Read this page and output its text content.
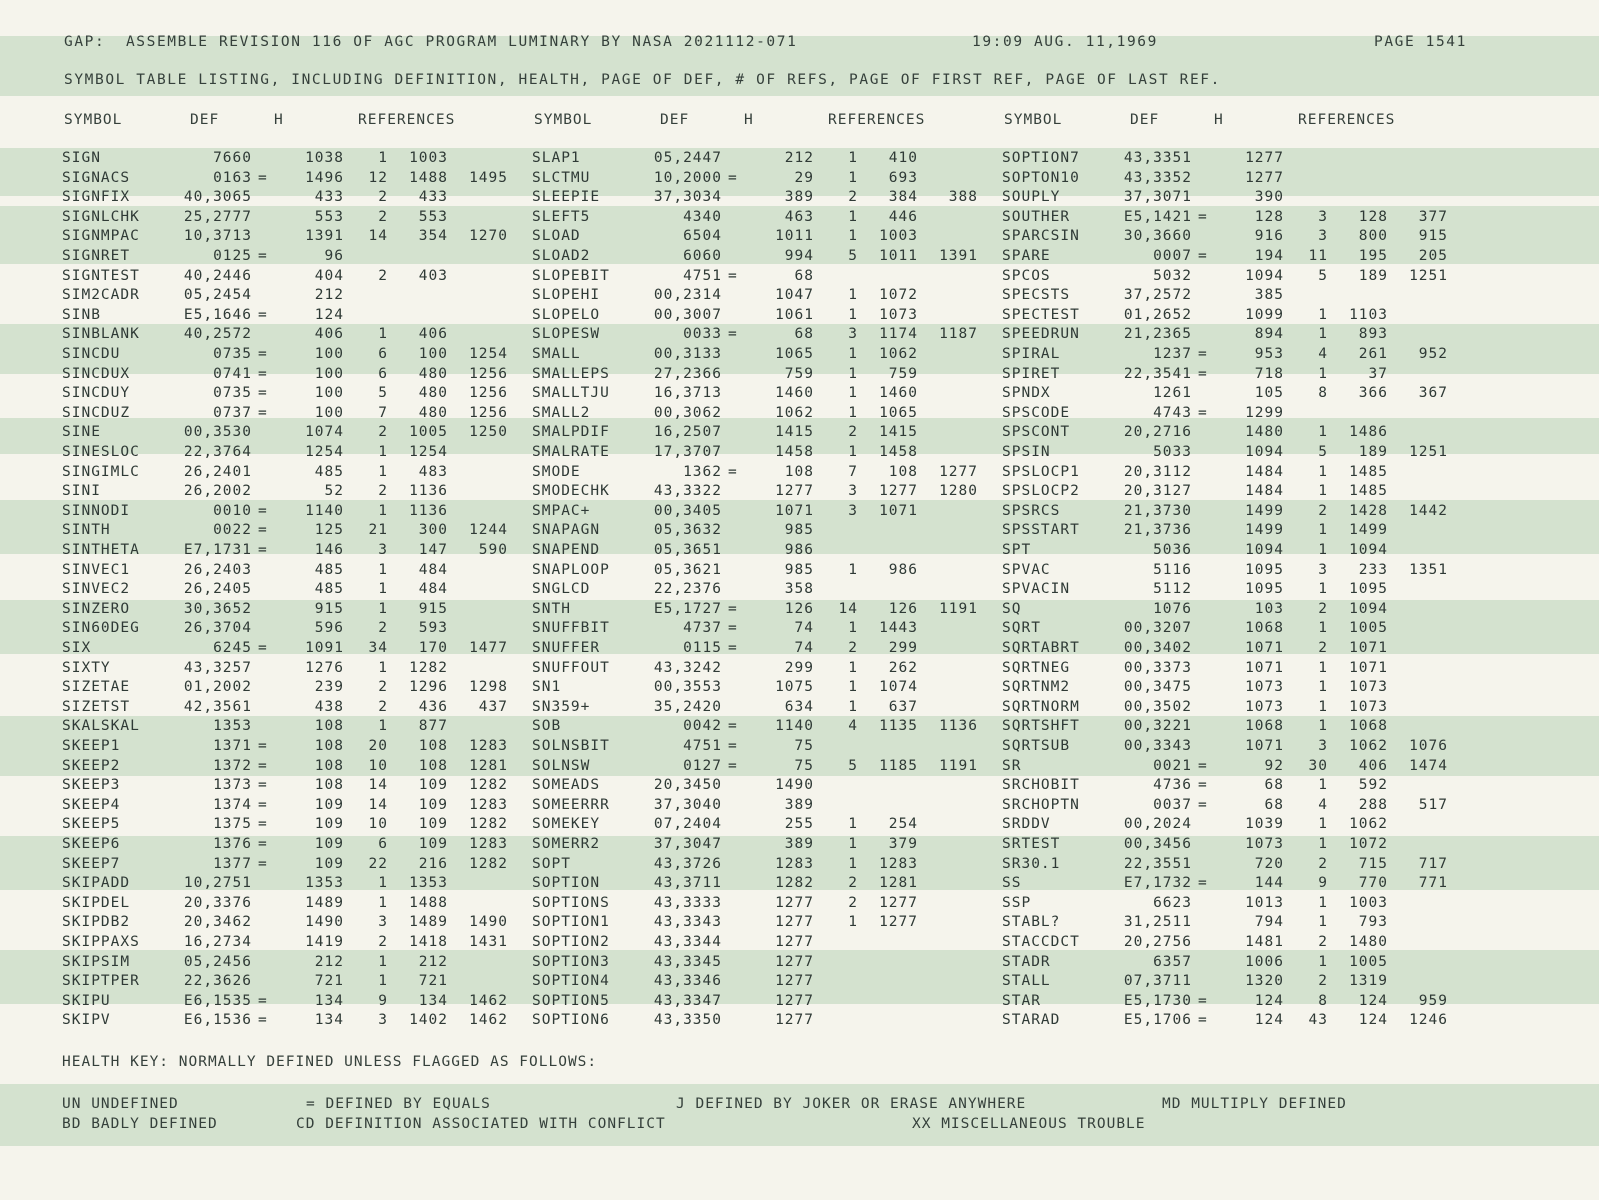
GAP:  ASSEMBLE REVISION 116 OF AGC PROGRAM LUMINARY BY NASA 2021112-071	19:09 AUG. 11,1969	PAGE 1541
SYMBOL TABLE LISTING, INCLUDING DEFINITION, HEALTH, PAGE OF DEF, # OF REFS, PAGE OF FIRST REF, PAGE OF LAST REF.
SYMBOL	DEF	H	REFERENCES	SYMBOL	DEF	H	REFERENCES	SYMBOL	DEF	H	REFERENCES
SIGN	7660	1038	1	1003	SLAP1	05,2447	212	1	410	SOPTION7	43,3351	1277
SIGNACS	0163 =	1496	12	1488	1495 SLCTMU	10,2000 =	29	1	693	SOPTON10	43,3352	1277
SIGNFIX	40,3065	433	2	433	SLEEPIE	37,3034	389	2	384	388 SOUPLY	37,3071	390
SIGNLCHK	25,2777	553	2	553	SLEFT5	4340	463	1	446	SOUTHER	E5,1421 =	128	3	128	377
SIGNMPAC	10,3713	1391	14	354	1270 SLOAD	6504	1011	1	1003	SPARCSIN	30,3660	916	3	800	915
SIGNRET	0125 =	96	SLOAD2	6060	994	5	1011	1391 SPARE	0007 =	194	11	195	205
SIGNTEST	40,2446	404	2	403	SLOPEBIT	4751 =	68	SPCOS	5032	1094	5	189	1251
SIM2CADR	05,2454	212	SLOPEHI	00,2314	1047	1	1072	SPECSTS	37,2572	385
SINB	E5,1646 =	124	SLOPELO	00,3007	1061	1	1073	SPECTEST	01,2652	1099	1	1103
SINBLANK	40,2572	406	1	406	SLOPESW	0033 =	68	3	1174	1187 SPEEDRUN	21,2365	894	1	893
SINCDU	0735 =	100	6	100	1254 SMALL	00,3133	1065	1	1062	SPIRAL	1237 =	953	4	261	952
SINCDUX	0741 =	100	6	480	1256 SMALLEPS	27,2366	759	1	759	SPIRET	22,3541 =	718	1	37
SINCDUY	0735 =	100	5	480	1256 SMALLTJU	16,3713	1460	1	1460	SPNDX	1261	105	8	366	367
SINCDUZ	0737 =	100	7	480	1256 SMALL2	00,3062	1062	1	1065	SPSCODE	4743 =	1299
SINE	00,3530	1074	2	1005	1250 SMALPDIF	16,2507	1415	2	1415	SPSCONT	20,2716	1480	1	1486
SINESLOC	22,3764	1254	1	1254	SMALRATE	17,3707	1458	1	1458	SPSIN	5033	1094	5	189	1251
SINGIMLC	26,2401	485	1	483	SMODE	1362 =	108	7	108	1277 SPSLOCP1	20,3112	1484	1	1485
SINI	26,2002	52	2	1136	SMODECHK	43,3322	1277	3	1277	1280 SPSLOCP2	20,3127	1484	1	1485
SINNODI	0010 =	1140	1	1136	SMPAC+	00,3405	1071	3	1071	SPSRCS	21,3730	1499	2	1428	1442
SINTH	0022 =	125	21	300	1244 SNAPAGN	05,3632	985	SPSSTART	21,3736	1499	1	1499
SINTHETA	E7,1731 =	146	3	147	590 SNAPEND	05,3651	986	SPT	5036	1094	1	1094
SINVEC1	26,2403	485	1	484	SNAPLOOP	05,3621	985	1	986	SPVAC	5116	1095	3	233	1351
SINVEC2	26,2405	485	1	484	SNGLCD	22,2376	358	SPVACIN	5112	1095	1	1095
SINZERO	30,3652	915	1	915	SNTH	E5,1727 =	126	14	126	1191 SQ	1076	103	2	1094
SIN60DEG	26,3704	596	2	593	SNUFFBIT	4737 =	74	1	1443	SQRT	00,3207	1068	1	1005
SIX	6245 =	1091	34	170	1477 SNUFFER	0115 =	74	2	299	SQRTABRT	00,3402	1071	2	1071
SIXTY	43,3257	1276	1	1282	SNUFFOUT	43,3242	299	1	262	SQRTNEG	00,3373	1071	1	1071
SIZETAE	01,2002	239	2	1296	1298 SN1	00,3553	1075	1	1074	SQRTNM2	00,3475	1073	1	1073
SIZETST	42,3561	438	2	436	437 SN359+	35,2420	634	1	637	SQRTNORM	00,3502	1073	1	1073
SKALSKAL	1353	108	1	877	SOB	0042 =	1140	4	1135	1136 SQRTSHFT	00,3221	1068	1	1068
SKEEP1	1371 =	108	20	108	1283 SOLNSBIT	4751 =	75	SQRTSUB	00,3343	1071	3	1062	1076
SKEEP2	1372 =	108	10	108	1281 SOLNSW	0127 =	75	5	1185	1191 SR	0021 =	92	30	406	1474
SKEEP3	1373 =	108	14	109	1282 SOMEADS	20,3450	1490	SRCHOBIT	4736 =	68	1	592
SKEEP4	1374 =	109	14	109	1283 SOMEERRR	37,3040	389	SRCHOPTN	0037 =	68	4	288	517
SKEEP5	1375 =	109	10	109	1282 SOMEKEY	07,2404	255	1	254	SRDDV	00,2024	1039	1	1062
SKEEP6	1376 =	109	6	109	1283 SOMERR2	37,3047	389	1	379	SRTEST	00,3456	1073	1	1072
SKEEP7	1377 =	109	22	216	1282 SOPT	43,3726	1283	1	1283	SR30.1	22,3551	720	2	715	717
SKIPADD	10,2751	1353	1	1353	SOPTION	43,3711	1282	2	1281	SS	E7,1732 =	144	9	770	771
SKIPDEL	20,3376	1489	1	1488	SOPTIONS	43,3333	1277	2	1277	SSP	6623	1013	1	1003
SKIPDB2	20,3462	1490	3	1489	1490 SOPTION1	43,3343	1277	1	1277	STABL?	31,2511	794	1	793
SKIPPAXS	16,2734	1419	2	1418	1431 SOPTION2	43,3344	1277	STACCDCT	20,2756	1481	2	1480
SKIPSIM	05,2456	212	1	212	SOPTION3	43,3345	1277	STADR	6357	1006	1	1005
SKIPTPER	22,3626	721	1	721	SOPTION4	43,3346	1277	STALL	07,3711	1320	2	1319
SKIPU	E6,1535 =	134	9	134	1462 SOPTION5	43,3347	1277	STAR	E5,1730 =	124	8	124	959
SKIPV	E6,1536 =	134	3	1402	1462 SOPTION6	43,3350	1277	STARAD	E5,1706 =	124	43	124	1246
HEALTH KEY: NORMALLY DEFINED UNLESS FLAGGED AS FOLLOWS:
UN UNDEFINED	= DEFINED BY EQUALS	J DEFINED BY JOKER OR ERASE ANYWHERE	MD MULTIPLY DEFINED
BD BADLY DEFINED	CD DEFINITION ASSOCIATED WITH CONFLICT	XX MISCELLANEOUS TROUBLE
